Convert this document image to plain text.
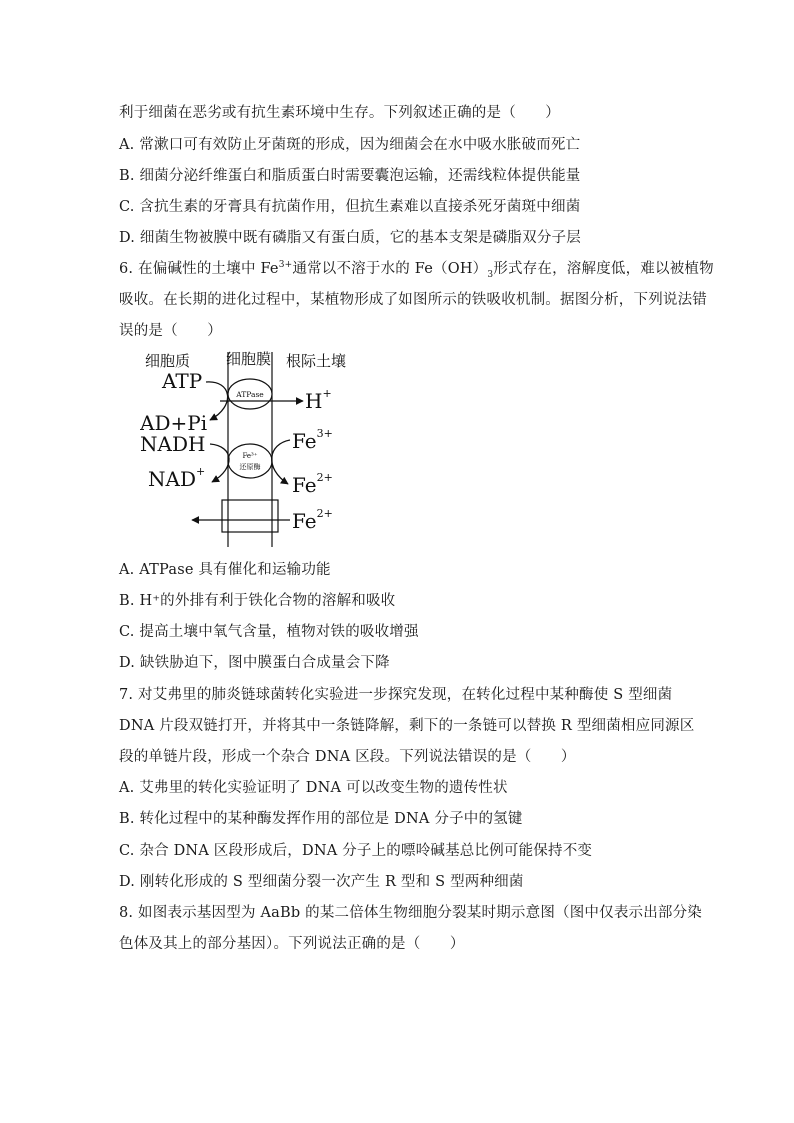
利于细菌在恶劣或有抗生素环境中生存。下列叙述正确的是（　　）
A. 常漱口可有效防止牙菌斑的形成，因为细菌会在水中吸水胀破而死亡
B. 细菌分泌纤维蛋白和脂质蛋白时需要囊泡运输，还需线粒体提供能量
C. 含抗生素的牙膏具有抗菌作用，但抗生素难以直接杀死牙菌斑中细菌
D. 细菌生物被膜中既有磷脂又有蛋白质，它的基本支架是磷脂双分子层
6. 在偏碱性的土壤中 $Fe^{3+}$通常以不溶于水的 $Fe(OH)_3$形式存在，溶解度低，难以被植物
吸收。在长期的进化过程中，某植物形成了如图所示的铁吸收机制。据图分析，下列说法错
误的是（　　）
细胞质 细胞膜 根际土壤
ATPase H+
ATP
AD+Pi
Fe³⁺
还原酶
NADH
NAD+
$Fe^{3+}$
$Fe^{2+}$
$Fe^{2+}$
A. ATPase 具有催化和运输功能
B. H⁺的外排有利于铁化合物的溶解和吸收
C. 提高土壤中氧气含量，植物对铁的吸收增强
D. 缺铁胁迫下，图中膜蛋白合成量会下降
7. 对艾弗里的肺炎链球菌转化实验进一步探究发现，在转化过程中某种酶使 S 型细菌
DNA 片段双链打开，并将其中一条链降解，剩下的一条链可以替换 R 型细菌相应同源区
段的单链片段，形成一个杂合 DNA 区段。下列说法错误的是（　　）
A. 艾弗里的转化实验证明了 DNA 可以改变生物的遗传性状
B. 转化过程中的某种酶发挥作用的部位是 DNA 分子中的氢键
C. 杂合 DNA 区段形成后，DNA 分子上的嘌呤碱基总比例可能保持不变
D. 刚转化形成的 S 型细菌分裂一次产生 R 型和 S 型两种细菌
8. 如图表示基因型为 AaBb 的某二倍体生物细胞分裂某时期示意图（图中仅表示出部分染
色体及其上的部分基因）。下列说法正确的是（　　）
